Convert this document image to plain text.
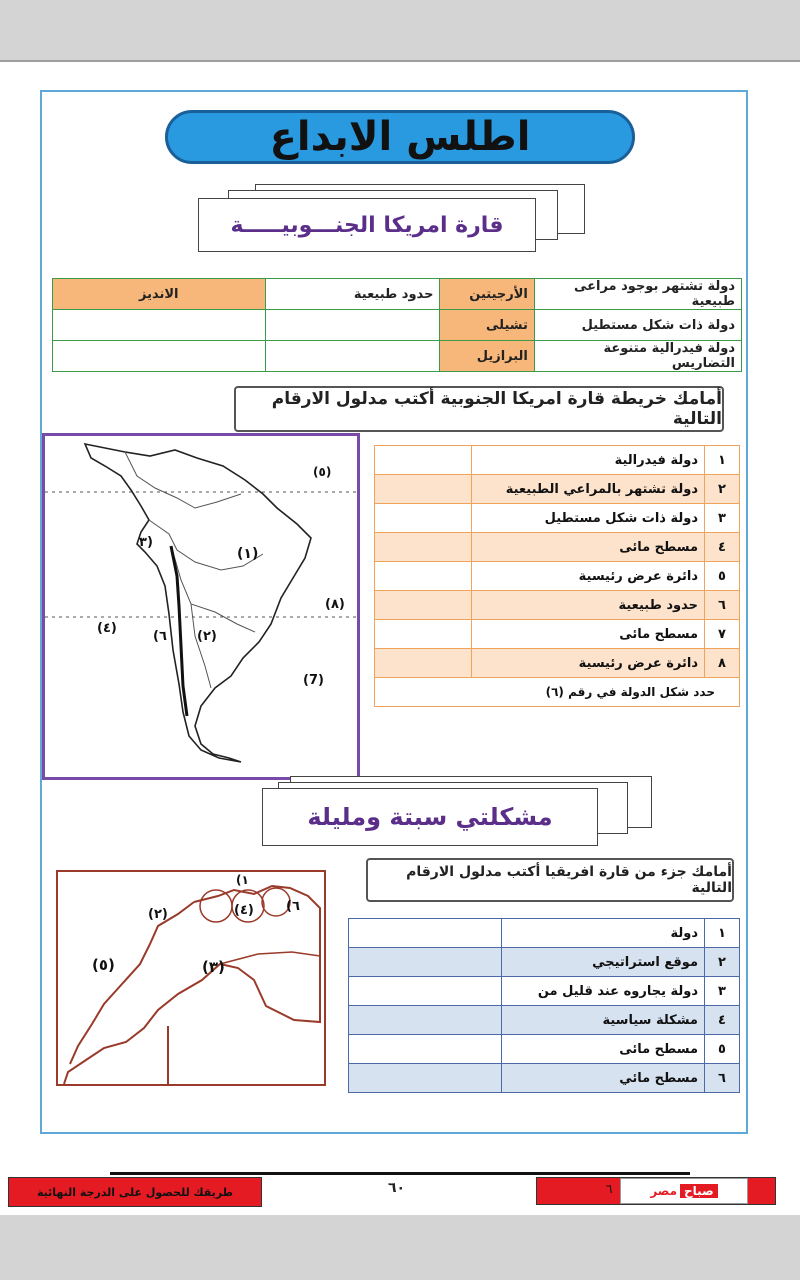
اطلس الابداع
قارة امريكا الجنـــوبيـــــة
دولة تشتهر بوجود مراعى طبيعية	الأرجيتين	حدود طبيعية	الانديز
دولة ذات شكل مستطيل	تشيلى		
دولة فيدرالية متنوعة التضاريس	البرازيل		
أمامك خريطة قارة امريكا الجنوبية أكتب مدلول الارقام التالية
(٥)
(١)
٣)
(٨)
(٤)
(٦ (٢)
(7)
١	دولة فيدرالية	
٢	دولة تشتهر بالمراعي الطبيعية	
٣	دولة ذات شكل مستطيل	
٤	مسطح مائى	
٥	دائرة عرض رئيسية	
٦	حدود طبيعية	
٧	مسطح مائى	
٨	دائرة عرض رئيسية	
حدد شكل الدولة في رقم (٦)		
مشكلتي سبتة ومليلة
أمامك جزء من قارة افريقيا أكتب مدلول الارقام التالية
(١
(٢)	(٤) (٦
(٥)	(٣)
١	دولة	
٢	موقع استراتيجي	
٣	دولة يجاروه عند قليل من	
٤	مشكلة سياسية	
٥	مسطح مائى	
٦	مسطح مائي	
طريقك للحصول على الدرجة النهائية	٦٠	٦	صباح
مصر
